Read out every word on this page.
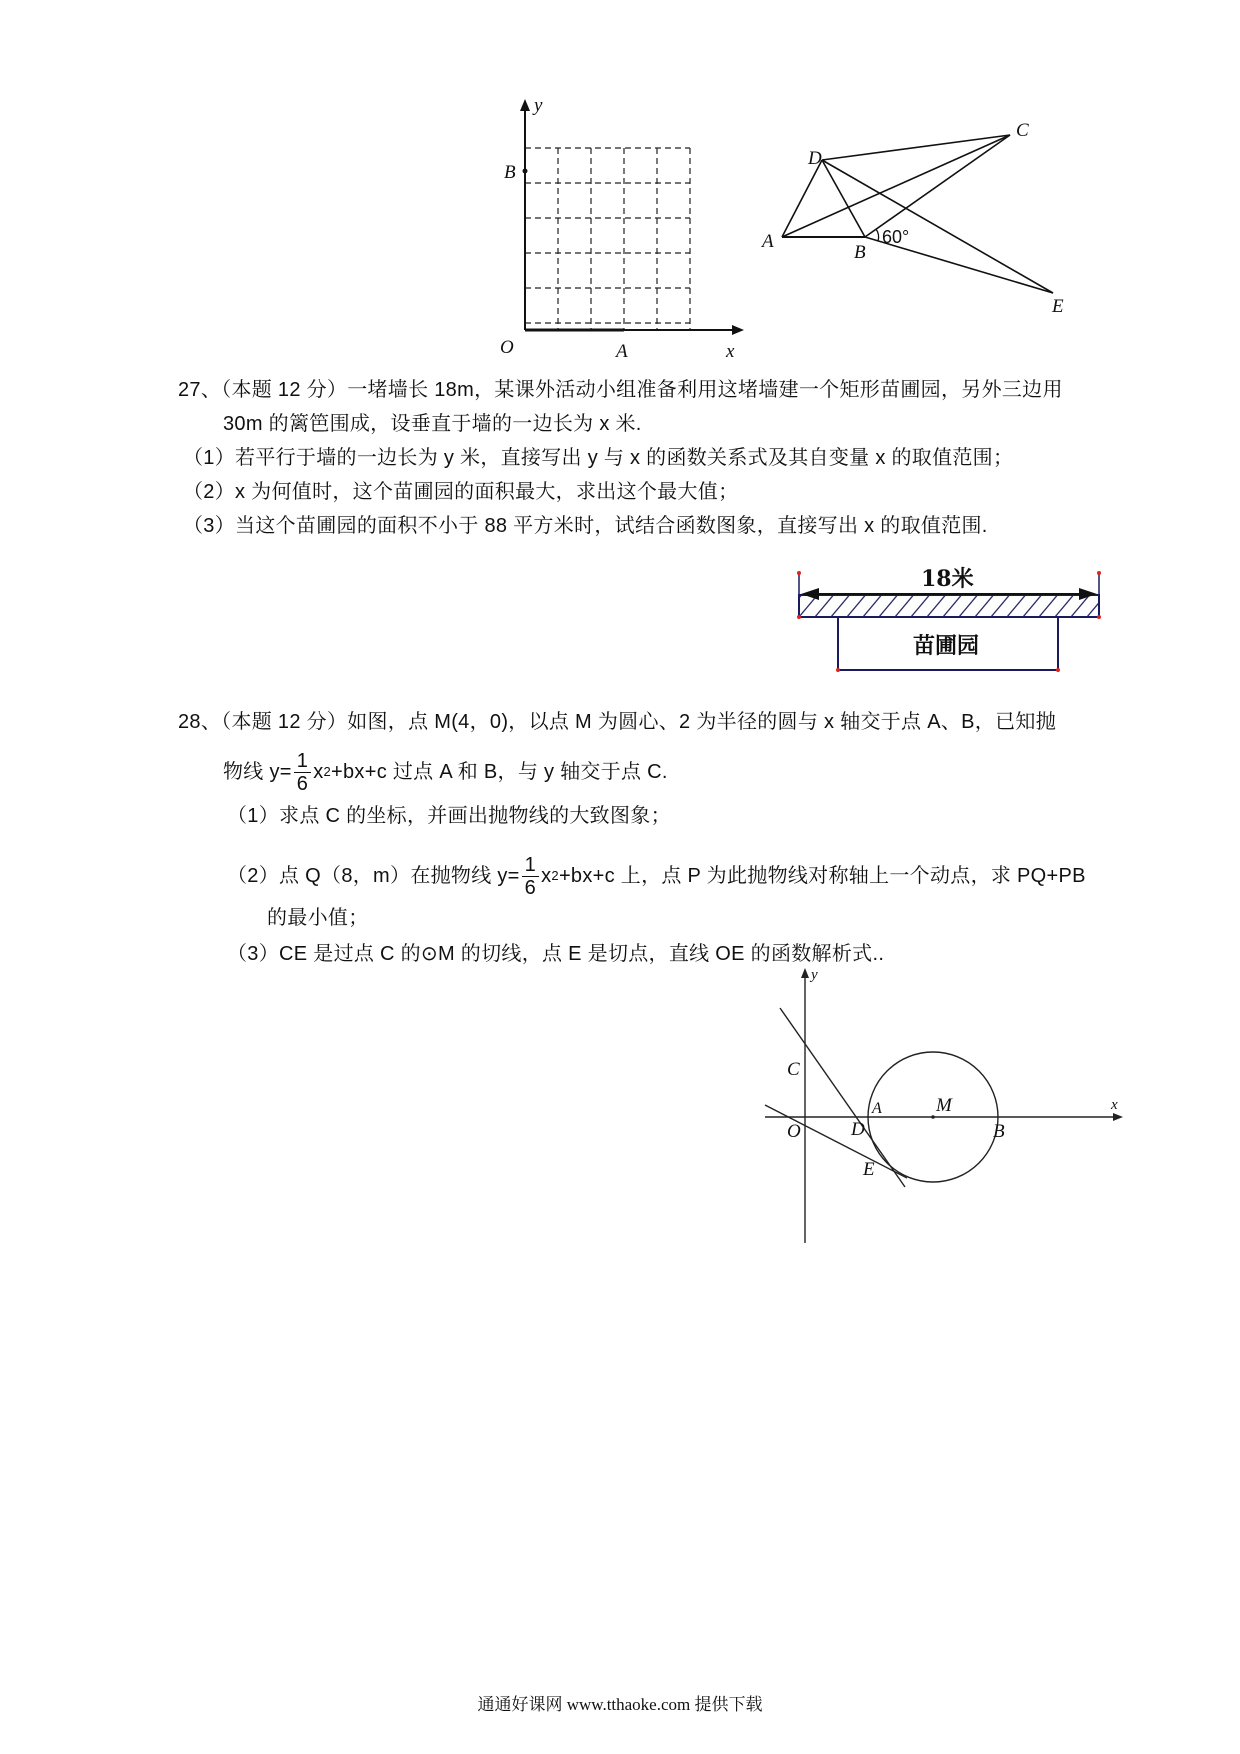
y
x
O	A
B
A
B
C
D
E
60°
27、（本题 12 分）一堵墙长 18m，某课外活动小组准备利用这堵墙建一个矩形苗圃园，另外三边用
30m 的篱笆围成，设垂直于墙的一边长为 x 米.
（1）若平行于墙的一边长为 y 米，直接写出 y 与 x 的函数关系式及其自变量 x 的取值范围；
（2）x 为何值时，这个苗圃园的面积最大，求出这个最大值；
（3）当这个苗圃园的面积不小于 88 平方米时，试结合函数图象，直接写出 x 的取值范围.
18米
苗圃园
28、（本题 12 分）如图，点 M(4，0)，以点 M 为圆心、2 为半径的圆与 x 轴交于点 A、B，已知抛
物线 $y= \frac{1}{6}$ x 2 +bx+c 过点 A 和 B，与 y 轴交于点 C.
（1）求点 C 的坐标，并画出抛物线的大致图象；
（2）点 Q（8，m）在抛物线 $y= \frac{1}{6}$ x 2 +bx+c 上，点 P 为此抛物线对称轴上一个动点，求 PQ+PB
的最小值；
（3）CE 是过点 C 的⊙M 的切线，点 E 是切点，直线 OE 的函数解析式..
y
x
C
O	D
A	M
B
E
通通好课网 www.tthaoke.com 提供下载
